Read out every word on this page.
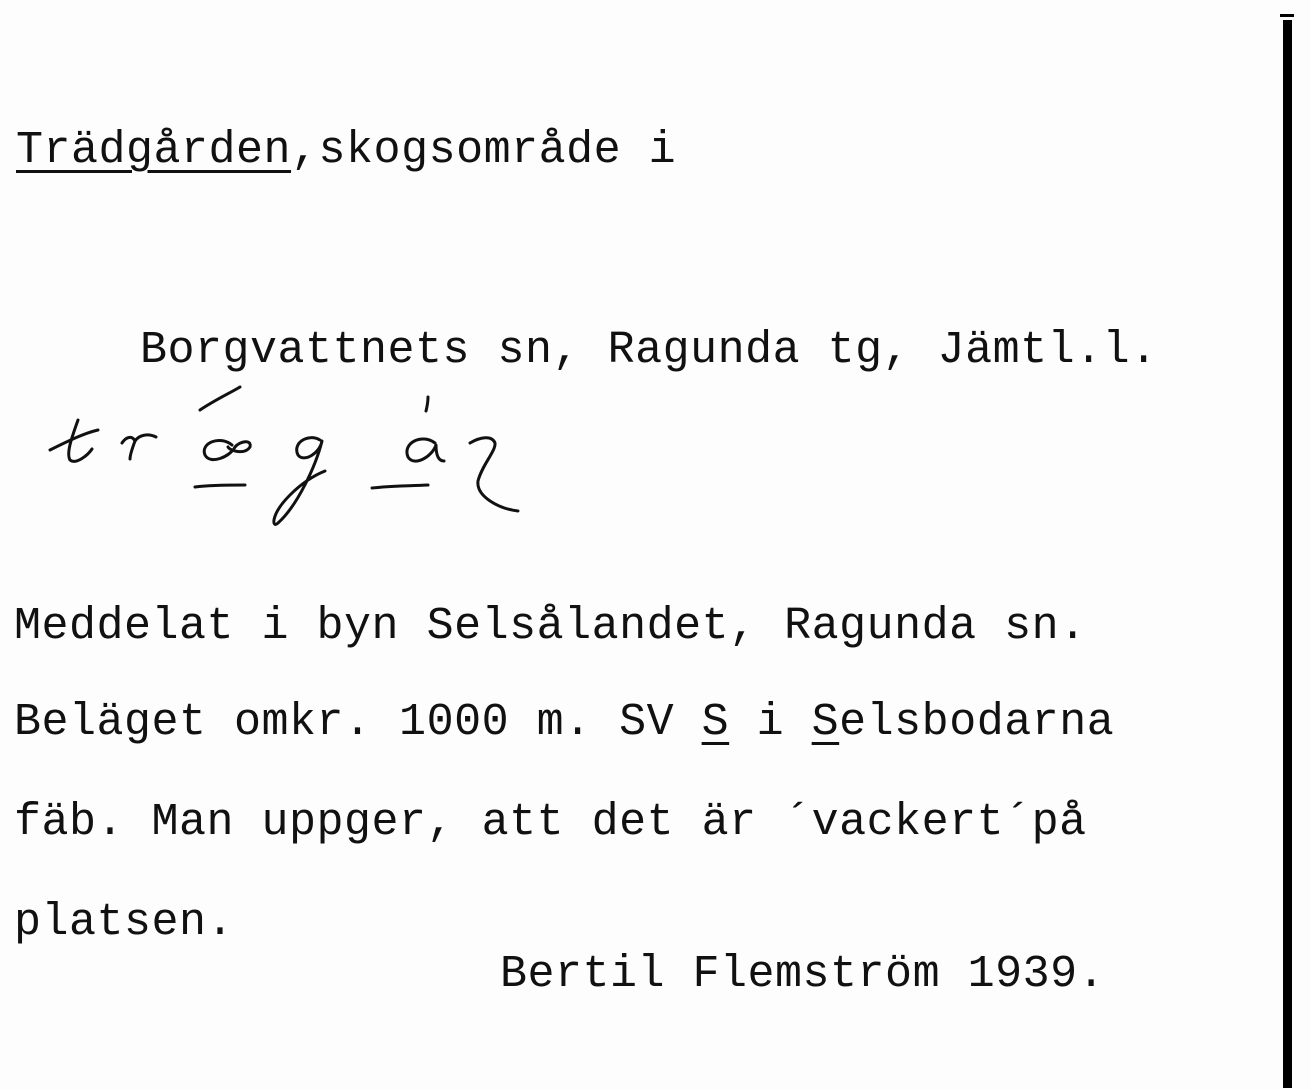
Trädgården,skogsområde i
Borgvattnets sn, Ragunda tg, Jämtl.l.
Meddelat i byn Selsålandet, Ragunda sn.
Beläget omkr. 1000 m. SV S i Selsbodarna
fäb. Man uppger, att det är ´vackert´på
platsen.
Bertil Flemström 1939.
